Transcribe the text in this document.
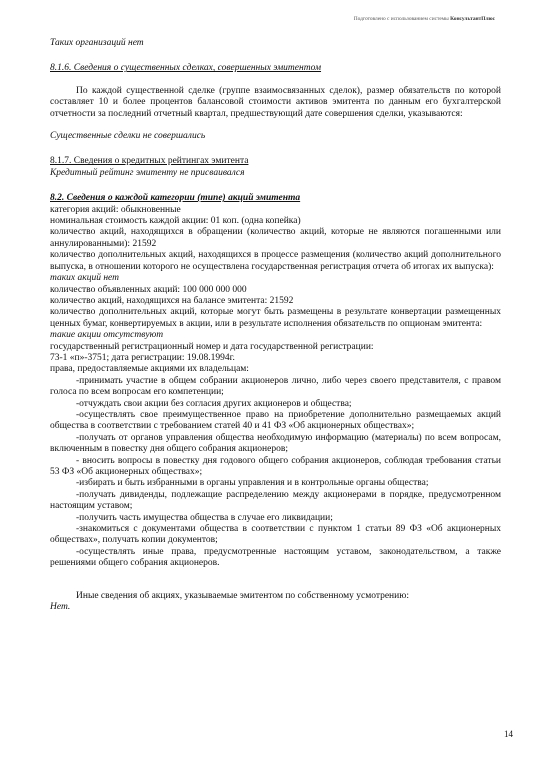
Подготовлено с использованием системы КонсультантПлюс

Таких организаций нет

8.1.6. Сведения о существенных сделках, совершенных эмитентом

По каждой существенной сделке (группе взаимосвязанных сделок), размер обязательств по которой составляет 10 и более процентов балансовой стоимости активов эмитента по данным его бухгалтерской отчетности за последний отчетный квартал, предшествующий дате совершения сделки, указываются:

Существенные сделки не совершались

8.1.7. Сведения о кредитных рейтингах эмитента

Кредитный рейтинг эмитенту не присваивался

8.2. Сведения о каждой категории (типе) акций эмитента

категория акций: обыкновенные

номинальная стоимость каждой акции: 01 коп. (одна копейка)

количество акций, находящихся в обращении (количество акций, которые не являются погашенными или аннулированными): 21592

количество дополнительных акций, находящихся в процессе размещения (количество акций дополнительного выпуска, в отношении которого не осуществлена государственная регистрация отчета об итогах их выпуска):

таких акций нет

количество объявленных акций: 100 000 000 000

количество акций, находящихся на балансе эмитента: 21592

количество дополнительных акций, которые могут быть размещены в результате конвертации размещенных ценных бумаг, конвертируемых в акции, или в результате исполнения обязательств по опционам эмитента:

такие акции отсутствуют

государственный регистрационный номер и дата государственной регистрации:

73-1 «п»-3751; дата регистрации: 19.08.1994г.

права, предоставляемые акциями их владельцам:

-принимать участие в общем собрании акционеров лично, либо через своего представителя, с правом голоса по всем вопросам его компетенции;

-отчуждать свои акции без согласия других акционеров и общества;

-осуществлять свое преимущественное право на приобретение дополнительно размещаемых акций общества в соответствии с требованием статей 40 и 41 ФЗ «Об акционерных обществах»;

-получать от органов управления общества необходимую информацию (материалы) по всем вопросам, включенным в повестку дня общего собрания акционеров;

- вносить вопросы в повестку дня годового общего собрания акционеров, соблюдая требования статьи 53 ФЗ «Об акционерных обществах»;

-избирать и быть избранными в органы управления и в контрольные органы общества;

-получать дивиденды, подлежащие распределению между акционерами в порядке, предусмотренном настоящим уставом;

-получить часть имущества общества в случае его ликвидации;

-знакомиться с документами общества в соответствии с пунктом 1 статьи 89 ФЗ «Об акционерных обществах», получать копии документов;

-осуществлять иные права, предусмотренные настоящим уставом, законодательством, а также решениями общего собрания акционеров.

Иные сведения об акциях, указываемые эмитентом по собственному усмотрению:

Нет.

14
